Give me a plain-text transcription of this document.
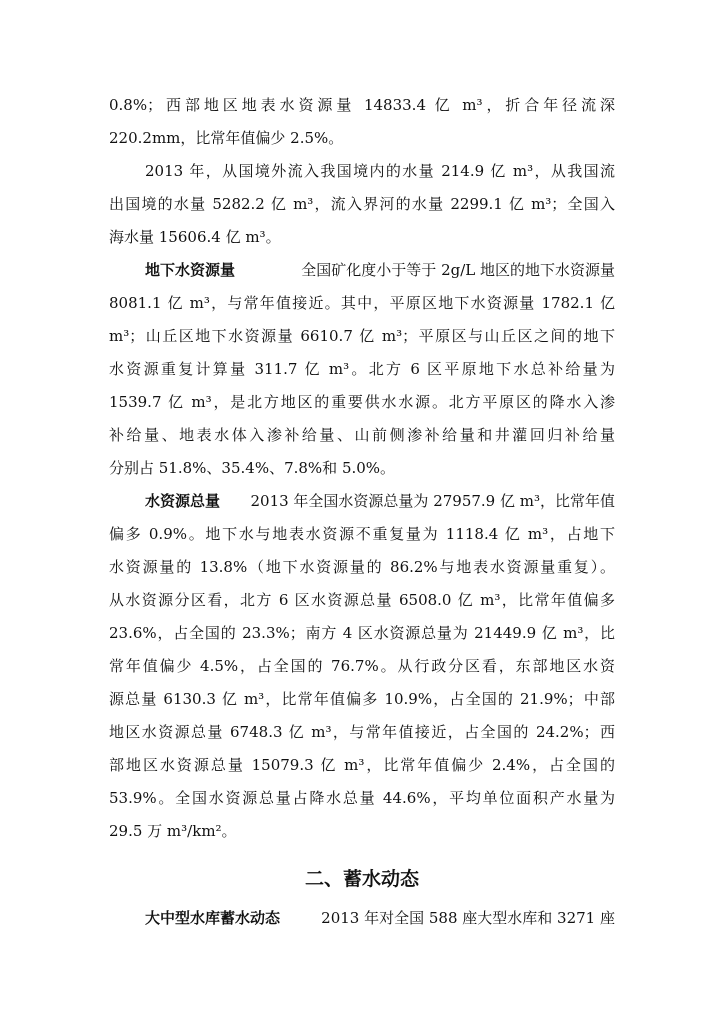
0.8%；西部地区地表水资源量 14833.4 亿 m³，折合年径流深
220.2mm，比常年值偏少 2.5%。
2013 年，从国境外流入我国境内的水量 214.9 亿 m³，从我国流
出国境的水量 5282.2 亿 m³，流入界河的水量 2299.1 亿 m³；全国入
海水量 15606.4 亿 m³。
地下水资源量	全国矿化度小于等于 2g/L 地区的地下水资源量
8081.1 亿 m³，与常年值接近。其中，平原区地下水资源量 1782.1 亿
m³；山丘区地下水资源量 6610.7 亿 m³；平原区与山丘区之间的地下
水资源重复计算量 311.7 亿 m³。北方 6 区平原地下水总补给量为
1539.7 亿 m³，是北方地区的重要供水水源。北方平原区的降水入渗
补给量、地表水体入渗补给量、山前侧渗补给量和井灌回归补给量
分别占 51.8%、35.4%、7.8%和 5.0%。
水资源总量 2013 年全国水资源总量为 27957.9 亿 m³，比常年值
偏多 0.9%。地下水与地表水资源不重复量为 1118.4 亿 m³，占地下
水资源量的 13.8%（地下水资源量的 86.2%与地表水资源量重复）。
从水资源分区看，北方 6 区水资源总量 6508.0 亿 m³，比常年值偏多
23.6%，占全国的 23.3%；南方 4 区水资源总量为 21449.9 亿 m³，比
常年值偏少 4.5%，占全国的 76.7%。从行政分区看，东部地区水资
源总量 6130.3 亿 m³，比常年值偏多 10.9%，占全国的 21.9%；中部
地区水资源总量 6748.3 亿 m³，与常年值接近，占全国的 24.2%；西
部地区水资源总量 15079.3 亿 m³，比常年值偏少 2.4%，占全国的
53.9%。全国水资源总量占降水总量 44.6%，平均单位面积产水量为
29.5 万 m³/km²。
二、蓄水动态
大中型水库蓄水动态	2013 年对全国 588 座大型水库和 3271 座
